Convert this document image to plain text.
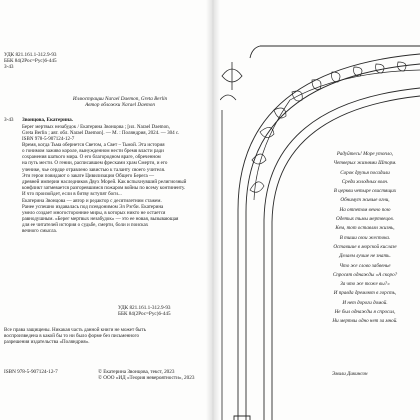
УДК 821.161.1-312.9-93
ББК 84(2Рос=Рус)6-445
З-43
Иллюстрации Narael Daemon, Greta Berlin
Автор обложки Narael Daemon
З-43 Звонцова, Екатерина.
Берег мертвых незабудок / Екатерина Звонцова ; [ил. Narael Daemon,
Greta Berlin ; авт. обл. Narael Daemon]. — М. : Поляндрия, 2024. — 304 с.
ISBN 978-5-907124-12-7
Время, когда Тьма обернется Светом, а Свет – Тьмой. Эта история
о гонимом заживо короле, вынужденном нести бремя власти ради
сохранения шаткого мира. О его благородном враге, обреченном
на путь мести. О гении, расписавшем фресками храм Смерти, и его
ученике, чье сердце отравлено завистью к таланту своего учителя.
Эти герои повидают о закате Цивилизации Общего Берега —
древней империи наследников Двух Морей. Как вспыхнувший религиозный
конфликт затмевается разгоревшимся пожаром войны по всему континенту.
И что произойдет, если в битву вступят боги...
Екатерина Звонцова — автор и редактор с десятилетним стажем.
Ранее успешно издавалась под псевдонимом Эл Рэгби. Екатерина
умело создает многосторонние миры, в которых никто не остается
равнодушным. «Берег мертвых незабудок» — это ее новая, вызывающая
для ее читателей история о судьбе, смерти, боли и поисках
вечного смысла.
УДК 821.161.1-312.9-93
ББК 84(2Рос=Рус)6-445
Все права защищены. Никакая часть данной книги не может быть
воспроизведена в какой бы то ни было форме без письменного
разрешения издательства «Поляндрия».
ISBN 978-5-907124-12-7	© Екатерина Звонцова, текст, 2023
© ООО «ИД «Теория невероятности», 2023
Радуйтесь! Море утопло,
Четверых жизнями Шторм.
Сорок друзья посадили
Среди холодных волн.
В церкви четыре свистящих
Обнимут живые огни,
На отпетом вечно пою
Одетых тьмы мертвецов.
Кем, тот оставлял жизнь,
В тиши свои жестока.
Оставшие в морской кислазе
Делаем лучше не знать.
Что же слово забвенье
Спросят однажды «А скоро?
За что же тоже вы?»
И правда дремлют в горсть,
И нет дороги домой.
Не был однажды я спросил,
Ни мертвы одно нет за мной.
Эмили Дикинсон
